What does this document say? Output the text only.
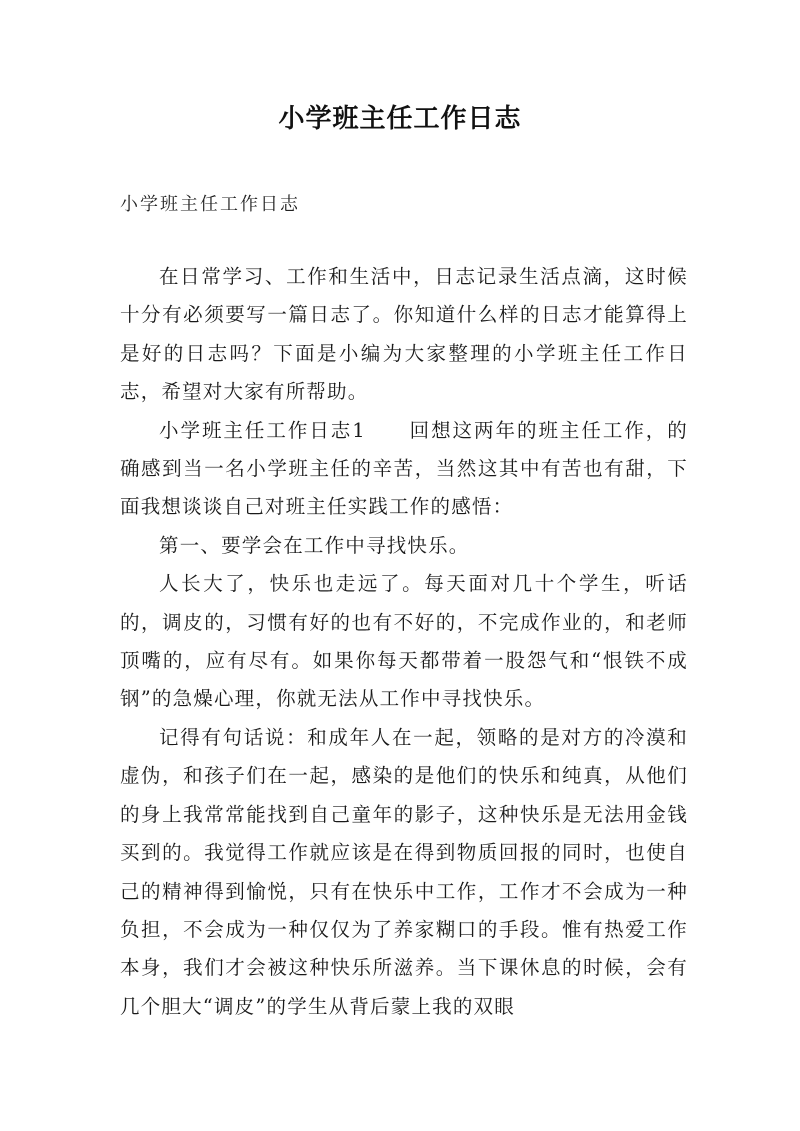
小学班主任工作日志
小学班主任工作日志

在日常学习、工作和生活中，日志记录生活点滴，这时候十分有必须要写一篇日志了。你知道什么样的日志才能算得上是好的日志吗？下面是小编为大家整理的小学班主任工作日志，希望对大家有所帮助。

小学班主任工作日志1　　回想这两年的班主任工作，的确感到当一名小学班主任的辛苦，当然这其中有苦也有甜，下面我想谈谈自己对班主任实践工作的感悟：

第一、要学会在工作中寻找快乐。

人长大了，快乐也走远了。每天面对几十个学生，听话的，调皮的，习惯有好的也有不好的，不完成作业的，和老师顶嘴的，应有尽有。如果你每天都带着一股怨气和“恨铁不成钢”的急燥心理，你就无法从工作中寻找快乐。

记得有句话说：和成年人在一起，领略的是对方的冷漠和虚伪，和孩子们在一起，感染的是他们的快乐和纯真，从他们的身上我常常能找到自己童年的影子，这种快乐是无法用金钱买到的。我觉得工作就应该是在得到物质回报的同时，也使自己的精神得到愉悦，只有在快乐中工作，工作才不会成为一种负担，不会成为一种仅仅为了养家糊口的手段。惟有热爱工作本身，我们才会被这种快乐所滋养。当下课休息的时候，会有几个胆大“调皮”的学生从背后蒙上我的双眼
